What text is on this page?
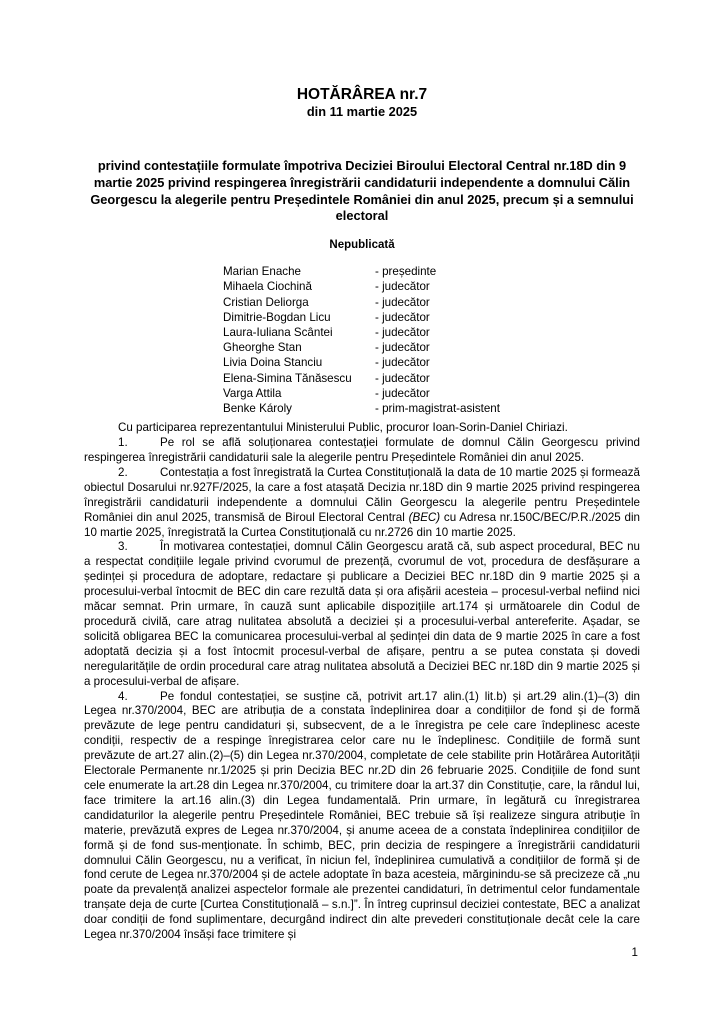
HOTĂRÂREA nr.7

din 11 martie 2025

privind contestațiile formulate împotriva Deciziei Biroului Electoral Central nr.18D din 9 martie 2025 privind respingerea înregistrării candidaturii independente a domnului Călin Georgescu la alegerile pentru Președintele României din anul 2025, precum și a semnului electoral

Nepublicată

Marian Enache	- președinte
Mihaela Ciochină	- judecător
Cristian Deliorga	- judecător
Dimitrie-Bogdan Licu	- judecător
Laura-Iuliana Scântei	- judecător
Gheorghe Stan	- judecător
Livia Doina Stanciu	- judecător
Elena-Simina Tănăsescu	- judecător
Varga Attila	- judecător
Benke Károly	- prim-magistrat-asistent

Cu participarea reprezentantului Ministerului Public, procuror Ioan-Sorin-Daniel Chiriazi.

1.	Pe rol se află soluționarea contestației formulate de domnul Călin Georgescu privind respingerea înregistrării candidaturii sale la alegerile pentru Președintele României din anul 2025.

2.	Contestația a fost înregistrată la Curtea Constituțională la data de 10 martie 2025 și formează obiectul Dosarului nr.927F/2025, la care a fost atașată Decizia nr.18D din 9 martie 2025 privind respingerea înregistrării candidaturii independente a domnului Călin Georgescu la alegerile pentru Președintele României din anul 2025, transmisă de Biroul Electoral Central (BEC) cu Adresa nr.150C/BEC/P.R./2025 din 10 martie 2025, înregistrată la Curtea Constituțională cu nr.2726 din 10 martie 2025.

3.	În motivarea contestației, domnul Călin Georgescu arată că, sub aspect procedural, BEC nu a respectat condițiile legale privind cvorumul de prezență, cvorumul de vot, procedura de desfășurare a ședinței și procedura de adoptare, redactare și publicare a Deciziei BEC nr.18D din 9 martie 2025 și a procesului-verbal întocmit de BEC din care rezultă data și ora afișării acesteia – procesul-verbal nefiind nici măcar semnat. Prin urmare, în cauză sunt aplicabile dispozițiile art.174 și următoarele din Codul de procedură civilă, care atrag nulitatea absolută a deciziei și a procesului-verbal antereferite. Așadar, se solicită obligarea BEC la comunicarea procesului-verbal al ședinței din data de 9 martie 2025 în care a fost adoptată decizia și a fost întocmit procesul-verbal de afișare, pentru a se putea constata și dovedi neregularitățile de ordin procedural care atrag nulitatea absolută a Deciziei BEC nr.18D din 9 martie 2025 și a procesului-verbal de afișare.

4.	Pe fondul contestației, se susține că, potrivit art.17 alin.(1) lit.b) și art.29 alin.(1)–(3) din Legea nr.370/2004, BEC are atribuția de a constata îndeplinirea doar a condițiilor de fond și de formă prevăzute de lege pentru candidaturi și, subsecvent, de a le înregistra pe cele care îndeplinesc aceste condiții, respectiv de a respinge înregistrarea celor care nu le îndeplinesc. Condițiile de formă sunt prevăzute de art.27 alin.(2)–(5) din Legea nr.370/2004, completate de cele stabilite prin Hotărârea Autorității Electorale Permanente nr.1/2025 și prin Decizia BEC nr.2D din 26 februarie 2025. Condițiile de fond sunt cele enumerate la art.28 din Legea nr.370/2004, cu trimitere doar la art.37 din Constituție, care, la rândul lui, face trimitere la art.16 alin.(3) din Legea fundamentală. Prin urmare, în legătură cu înregistrarea candidaturilor la alegerile pentru Președintele României, BEC trebuie să își realizeze singura atribuție în materie, prevăzută expres de Legea nr.370/2004, și anume aceea de a constata îndeplinirea condițiilor de formă și de fond sus-menționate. În schimb, BEC, prin decizia de respingere a înregistrării candidaturii domnului Călin Georgescu, nu a verificat, în niciun fel, îndeplinirea cumulativă a condițiilor de formă și de fond cerute de Legea nr.370/2004 și de actele adoptate în baza acesteia, mărginindu-se să precizeze că „nu poate da prevalență analizei aspectelor formale ale prezentei candidaturi, în detrimentul celor fundamentale tranșate deja de curte [Curtea Constituțională – s.n.]”. În întreg cuprinsul deciziei contestate, BEC a analizat doar condiții de fond suplimentare, decurgând indirect din alte prevederi constituționale decât cele la care Legea nr.370/2004 însăși face trimitere și

1
